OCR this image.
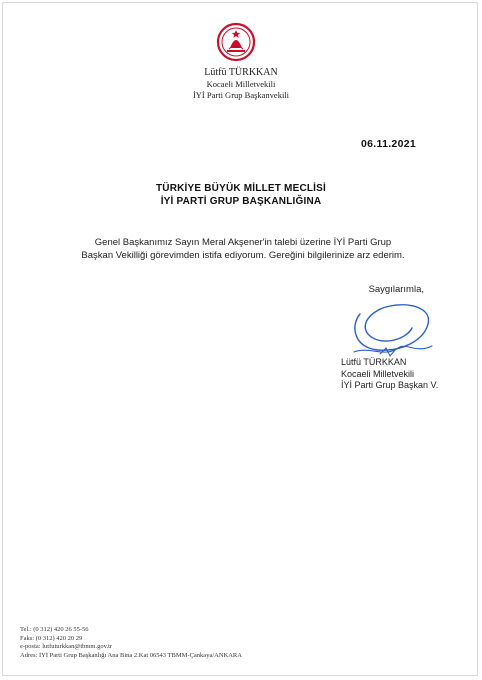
Lütfü TÜRKKAN
Kocaeli Milletvekili
İYİ Parti Grup Başkanvekili
06.11.2021
TÜRKİYE BÜYÜK MİLLET MECLİSİ
İYİ PARTİ GRUP BAŞKANLIĞINA
Genel Başkanımız Sayın Meral Akşener'in talebi üzerine İYİ Parti Grup
Başkan Vekilliği görevimden istifa ediyorum. Gereğini bilgilerinize arz ederim.
Saygılarımla,
Lütfü TÜRKKAN
Kocaeli Milletvekili
İYİ Parti Grup Başkan V.
Tel.: (0 312) 420 26 55-56
Faks: (0 312) 420 20 29
e-posta: lutfuturkkan@tbmm.gov.tr
Adres: İYİ Parti Grup Başkanlığı Ana Bina 2.Kat 06543 TBMM-Çankaya/ANKARA
